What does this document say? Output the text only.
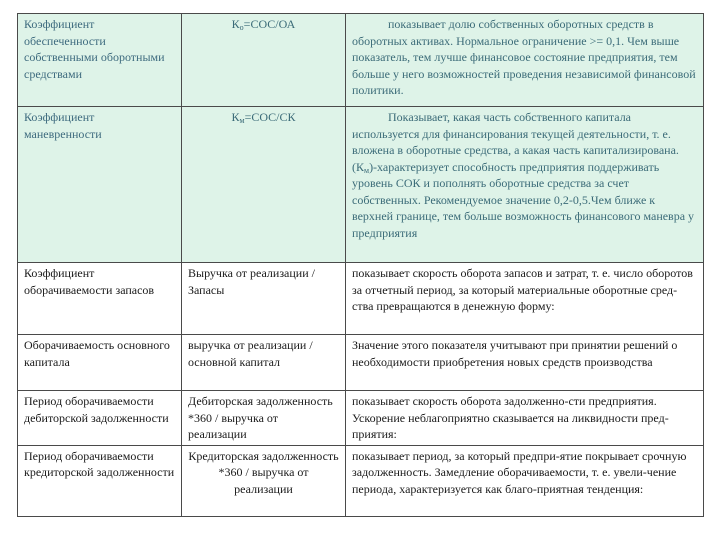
Коэффициент обеспеченности собственными оборотными средствами	$К_о=СОС/ОА$	показывает долю собственных оборотных средств в оборотных активах. Нормальное ограничение >= 0,1. Чем выше показатель, тем лучше финансовое состояние предприятия, тем больше у него возможностей проведения независимой финансовой политики.
Коэффициент маневренности	$К_м=СОС/СК$	Показывает, какая часть собственного капитала используется для финансирования текущей деятельности, т. е. вложена в оборотные средства, а какая часть капитализирована. $(К_м)$-характеризует способность предприятия поддерживать уровень СОК и пополнять оборотные средства за счет собственных. Рекомендуемое значение 0,2-0,5.Чем ближе к верхней границе, тем больше возможность финансового маневра у предприятия
Коэффициент оборачиваемости запасов	Выручка от реализации /Запасы	показывает скорость оборота запасов и затрат, т. е. число оборотов за отчетный период, за который материальные оборотные сред-ства превращаются в денежную форму:
Оборачиваемость основного капитала	выручка от реализации / основной капитал	Значение этого показателя учитывают при принятии решений о необходимости приобретения новых средств производства
Период оборачиваемости дебиторской задолженности	Дебиторская задолженность *360 / выручка от реализации	показывает скорость оборота задолженно-сти предприятия. Ускорение неблагоприятно сказывается на ликвидности пред-приятия:
Период оборачиваемости кредиторской задолженности	Кредиторская задолженность *360 / выручка от реализации	показывает период, за который предпри-ятие покрывает срочную задолженность. Замедление оборачиваемости, т. е. увели-чение периода, характеризуется как благо-приятная тенденция:
